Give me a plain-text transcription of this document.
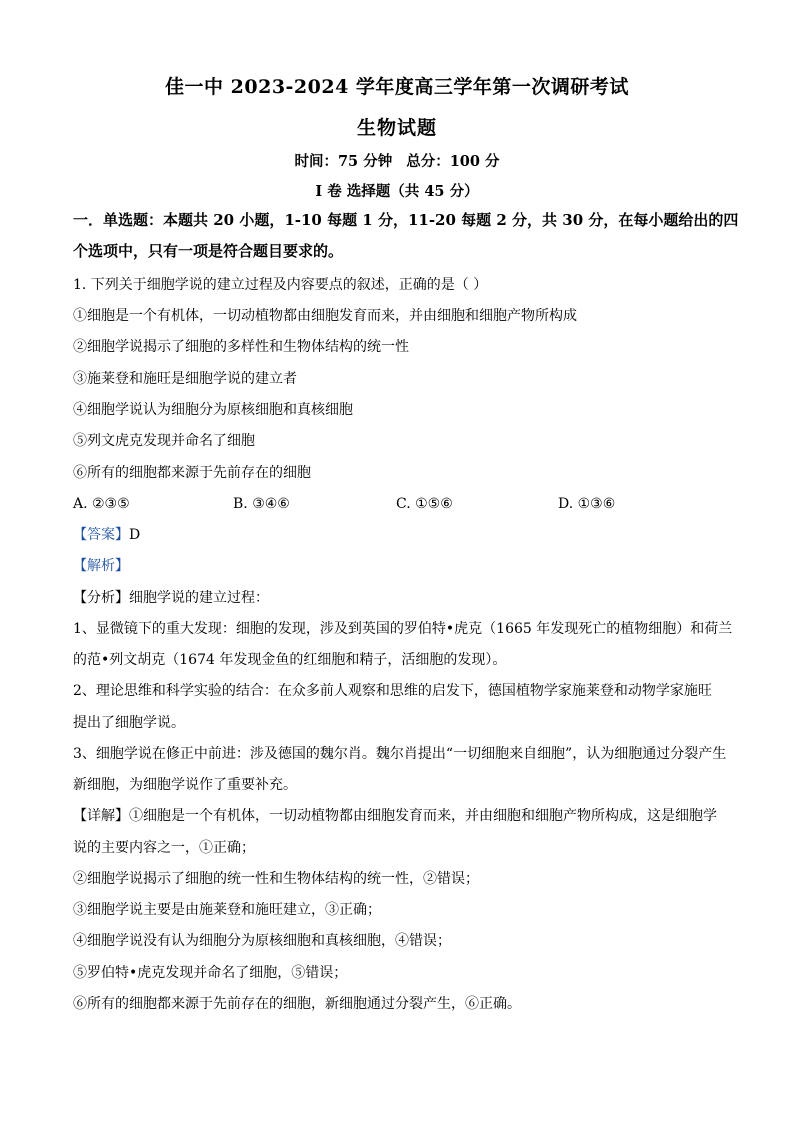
佳一中 2023-2024 学年度高三学年第一次调研考试
生物试题
时间：75 分钟 总分：100 分
I 卷 选择题（共 45 分）
一．单选题：本题共 20 小题，1-10 每题 1 分，11-20 每题 2 分，共 30 分，在每小题给出的四
个选项中，只有一项是符合题目要求的。
1. 下列关于细胞学说的建立过程及内容要点的叙述，正确的是（ ）
①细胞是一个有机体，一切动植物都由细胞发育而来，并由细胞和细胞产物所构成
②细胞学说揭示了细胞的多样性和生物体结构的统一性
③施莱登和施旺是细胞学说的建立者
④细胞学说认为细胞分为原核细胞和真核细胞
⑤列文虎克发现并命名了细胞
⑥所有的细胞都来源于先前存在的细胞
A. ②③⑤	B. ③④⑥	C. ①⑤⑥	D. ①③⑥
【答案】D
【解析】
【分析】细胞学说的建立过程：
1、显微镜下的重大发现：细胞的发现，涉及到英国的罗伯特•虎克（1665 年发现死亡的植物细胞）和荷兰
的范•列文胡克（1674 年发现金鱼的红细胞和精子，活细胞的发现）。
2、理论思维和科学实验的结合：在众多前人观察和思维的启发下，德国植物学家施莱登和动物学家施旺
提出了细胞学说。
3、细胞学说在修正中前进：涉及德国的魏尔肖。魏尔肖提出“一切细胞来自细胞”，认为细胞通过分裂产生
新细胞，为细胞学说作了重要补充。
【详解】①细胞是一个有机体，一切动植物都由细胞发育而来，并由细胞和细胞产物所构成，这是细胞学
说的主要内容之一，①正确；
②细胞学说揭示了细胞的统一性和生物体结构的统一性，②错误；
③细胞学说主要是由施莱登和施旺建立，③正确；
④细胞学说没有认为细胞分为原核细胞和真核细胞，④错误；
⑤罗伯特•虎克发现并命名了细胞，⑤错误；
⑥所有的细胞都来源于先前存在的细胞，新细胞通过分裂产生，⑥正确。
